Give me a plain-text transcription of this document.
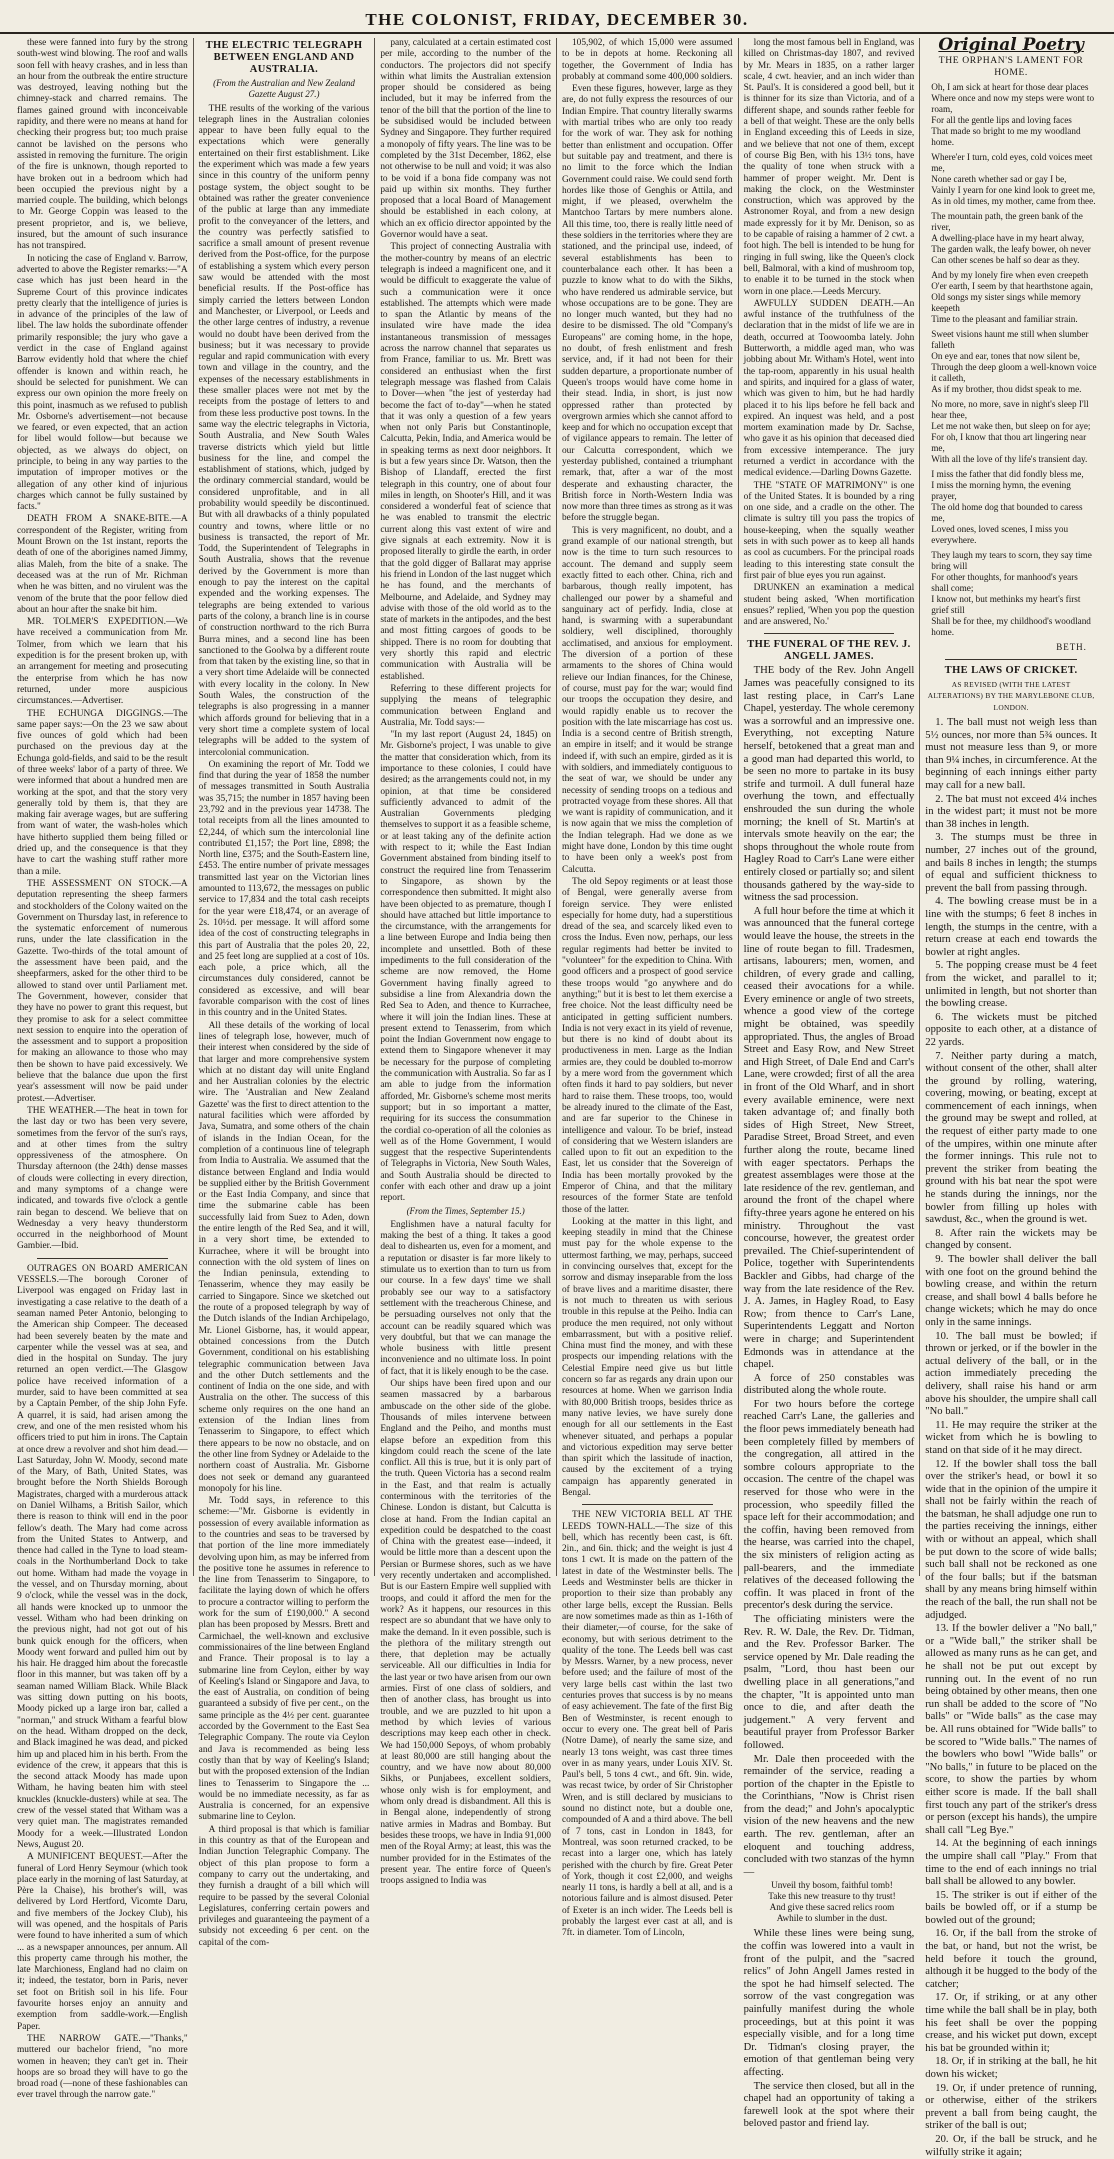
THE COLONIST, FRIDAY, DECEMBER 30.

these were fanned into fury by the strong south-west wind blowing. The roof and walls soon fell with heavy crashes, and in less than an hour from the outbreak the entire structure was destroyed, leaving nothing but the chimney-stack and charred remains. The flames gained ground with inconceivable rapidity, and there were no means at hand for checking their progress but; too much praise cannot be lavished on the persons who assisted in removing the furniture. The origin of the fire is unknown, though reported to have broken out in a bedroom which had been occupied the previous night by a married couple. The building, which belongs to Mr. George Coppin was leased to the present proprietor, and is, we believe, insured, but the amount of such insurance has not transpired.

In noticing the case of England v. Barrow, adverted to above the Register remarks:—"A case which has just been heard in the Supreme Court of this province indicates pretty clearly that the intelligence of juries is in advance of the principles of the law of libel. The law holds the subordinate offender primarily responsible; the jury who gave a verdict in the case of England against Barrow evidently hold that where the chief offender is known and within reach, he should be selected for punishment. We can express our own opinion the more freely on this point, inasmuch as we refused to publish Mr. Osborne's advertisement—not because we feared, or even expected, that an action for libel would follow—but because we objected, as we always do object, on principle, to being in any way parties to the imputation of improper motives or the allegation of any other kind of injurious charges which cannot be fully sustained by facts."

DEATH FROM A SNAKE-BITE.—A correspondent of the Register, writing from Mount Brown on the 1st instant, reports the death of one of the aborigines named Jimmy, alias Maleh, from the bite of a snake. The deceased was at the run of Mr. Richman when he was bitten, and no virulent was the venom of the brute that the poor fellow died about an hour after the snake bit him.

MR. TOLMER'S EXPEDITION.—We have received a communication from Mr. Tolmer, from which we learn that his expedition is for the present broken up, with an arrangement for meeting and prosecuting the enterprise from which he has now returned, under more auspicious circumstances.—Advertiser.

THE ECHUNGA DIGGINGS.—The same paper says:—On the 23 we saw about five ounces of gold which had been purchased on the previous day at the Echunga gold-fields, and said to be the result of three weeks' labor of a party of three. We were informed that about a hundred men are working at the spot, and that the story very generally told by them is, that they are making fair average wages, but are suffering from want of water, the wash-holes which have hitherto supplied them being filled or dried up, and the consequence is that they have to cart the washing stuff rather more than a mile.

THE ASSESSMENT ON STOCK.—A deputation representing the sheep farmers and stockholders of the Colony waited on the Government on Thursday last, in reference to the systematic enforcement of numerous runs, under the late classification in the Gazette. Two-thirds of the total amount of the assessment have been paid, and the sheepfarmers, asked for the other third to be allowed to stand over until Parliament met. The Government, however, consider that they have no power to grant this request, but they promise to ask for a select committee next session to enquire into the operation of the assessment and to support a proposition for making an allowance to those who may then be shown to have paid excessively. We believe that the balance due upon the first year's assessment will now be paid under protest.—Advertiser.

THE WEATHER.—The heat in town for the last day or two has been very severe, sometimes from the fervor of the sun's rays, and at other times from the sultry oppressiveness of the atmosphere. On Thursday afternoon (the 24th) dense masses of clouds were collecting in every direction, and many symptoms of a change were indicated, and towards five o'clock a gentle rain began to descend. We believe that on Wednesday a very heavy thunderstorm occurred in the neighborhood of Mount Gambier.—Ibid.

OUTRAGES ON BOARD AMERICAN VESSELS.—The borough Coroner of Liverpool was engaged on Friday last in investigating a case relative to the death of a seaman named Peter Antonio, belonging to the American ship Compeer. The deceased had been severely beaten by the mate and carpenter while the vessel was at sea, and died in the hospital on Sunday. The jury returned an open verdict.—The Glasgow police have received information of a murder, said to have been committed at sea by a Captain Pember, of the ship John Fyfe. A quarrel, it is said, had arisen among the crew, and one of the men resisted whom his officers tried to put him in irons. The Captain at once drew a revolver and shot him dead.—Last Saturday, John W. Moody, second mate of the Mary, of Bath, United States, was brought before the North Shields Borough Magistrates, charged with a murderous attack on Daniel Wilhams, a British Sailor, which there is reason to think will end in the poor fellow's death. The Mary had come across from the United States to Antwerp, and thence had called in the Tyne to load steam-coals in the Northumberland Dock to take out home. Witham had made the voyage in the vessel, and on Thursday morning, about 9 o'clock, while the vessel was in the dock, all hands were knocked up to unmoor the vessel. Witham who had been drinking on the previous night, had not got out of his bunk quick enough for the officers, when Moody went forward and pulled him out by his hair. He dragged him about the forecastle floor in this manner, but was taken off by a seaman named William Black. While Black was sitting down putting on his boots, Moody picked up a large iron bar, called a "norman," and struck Witham a fearful blow on the head. Witham dropped on the deck, and Black imagined he was dead, and picked him up and placed him in his berth. From the evidence of the crew, it appears that this is the second attack Moody has made upon Witham, he having beaten him with steel knuckles (knuckle-dusters) while at sea. The crew of the vessel stated that Witham was a very quiet man. The magistrates remanded Moody for a week.—Illustrated London News, August 20.

A MUNIFICENT BEQUEST.—After the funeral of Lord Henry Seymour (which took place early in the morning of last Saturday, at Père la Chaise), his brother's will, was delivered by Lord Hertford, Vicomte Daru, and five members of the Jockey Club), his will was opened, and the hospitals of Paris were found to have inherited a sum of which ... as a newspaper announces, per annum. All this property came through his mother, the late Marchioness, England had no claim on it; indeed, the testator, born in Paris, never set foot on British soil in his life. Four favourite horses enjoy an annuity and exemption from saddle-work.—English Paper.

THE NARROW GATE.—"Thanks," muttered our bachelor friend, "no more women in heaven; they can't get in. Their hoops are so broad they will have to go the broad road (—none of these fashionables can ever travel through the narrow gate."

THE ELECTRIC TELEGRAPH BETWEEN ENGLAND AND AUSTRALIA.
(From the Australian and New Zealand Gazette August 27.)

THE results of the working of the various telegraph lines in the Australian colonies appear to have been fully equal to the expectations which were generally entertained on their first establishment. Like the experiment which was made a few years since in this country of the uniform penny postage system, the object sought to be obtained was rather the greater convenience of the public at large than any immediate profit to the conveyancer of the letters, and the country was perfectly satisfied to sacrifice a small amount of present revenue derived from the Post-office, for the purpose of establishing a system which every person saw would be attended with the most beneficial results. If the Post-office has simply carried the letters between London and Manchester, or Liverpool, or Leeds and the other large centres of industry, a revenue would no doubt have been derived from the business; but it was necessary to provide regular and rapid communication with every town and village in the country, and the expenses of the necessary establishments in these smaller places were not met by the receipts from the postage of letters to and from these less productive post towns. In the same way the electric telegraphs in Victoria, South Australia, and New South Wales traverse districts which yield but little business for the line, and compel the establishment of stations, which, judged by the ordinary commercial standard, would be considered unprofitable, and in all probability would speedily be discontinued. But with all drawbacks of a thinly populated country and towns, where little or no business is transacted, the report of Mr. Todd, the Superintendent of Telegraphs in South Australia, shows that the revenue derived by the Government is more than enough to pay the interest on the capital expended and the working expenses. The telegraphs are being extended to various parts of the colony, a branch line is in course of construction northward to the rich Burra Burra mines, and a second line has been sanctioned to the Goolwa by a different route from that taken by the existing line, so that in a very short time Adelaide will be connected with every locality in the colony. In New South Wales, the construction of the telegraphs is also progressing in a manner which affords ground for believing that in a very short time a complete system of local telegraphs will be added to the system of intercolonial communication.

On examining the report of Mr. Todd we find that during the year of 1858 the number of messages transmitted in South Australia was 35,715; the number in 1857 having been 23,792 and in the previous year 14738. The total receipts from all the lines amounted to £2,244, of which sum the intercolonial line contributed £1,157; the Port line, £898; the North line, £375; and the South-Eastern line, £453. The entire number of private messages transmitted last year on the Victorian lines amounted to 113,672, the messages on public service to 17,834 and the total cash receipts for the year were £18,474, or an average of 2s. 10½d. per message. It will afford some idea of the cost of constructing telegraphs in this part of Australia that the poles 20, 22, and 25 feet long are supplied at a cost of 10s. each pole, a price which, all the circumstances duly considered, cannot be considered as excessive, and will bear favorable comparison with the cost of lines in this country and in the United States.

All these details of the working of local lines of telegraph lose, however, much of their interest when considered by the side of that larger and more comprehensive system which at no distant day will unite England and her Australian colonies by the electric wire. The 'Australian and New Zealand Gazette' was the first to direct attention to the natural facilities which were afforded by Java, Sumatra, and some others of the chain of islands in the Indian Ocean, for the completion of a continuous line of telegraph from India to Australia. We assumed that the distance between England and India would be supplied either by the British Government or the East India Company, and since that time the submarine cable has been successfully laid from Suez to Aden, down the entire length of the Red Sea, and it will, in a very short time, be extended to Kurrachee, where it will be brought into connection with the old system of lines on the Indian peninsula, extending to Tenasserim, whence they may easily be carried to Singapore. Since we sketched out the route of a proposed telegraph by way of the Dutch islands of the Indian Archipelago, Mr. Lionel Gisborne, has, it would appear, obtained concessions from the Dutch Government, conditional on his establishing telegraphic communication between Java and the other Dutch settlements and the continent of India on the one side, and with Australia on the other. The success of this scheme only requires on the one hand an extension of the Indian lines from Tenasserim to Singapore, to effect which there appears to be now no obstacle, and on the other line from Sydney or Adelaide to the northern coast of Australia. Mr. Gisborne does not seek or demand any guaranteed monopoly for his line.

Mr. Todd says, in reference to this scheme:—"Mr. Gisborne is evidently in possession of every available information as to the countries and seas to be traversed by that portion of the line more immediately devolving upon him, as may be inferred from the positive tone he assumes in reference to the line from Tenasserim to Singapore, to facilitate the laying down of which he offers to procure a contractor willing to perform the work for the sum of £190,000." A second plan has been proposed by Messrs. Brett and Carmichael, the well-known and exclusive commissionaires of the line between England and France. Their proposal is to lay a submarine line from Ceylon, either by way of Keeling's Island or Singapore and Java, to the east of Australia, on condition of being guaranteed a subsidy of five per cent., on the same principle as the 4½ per cent. guarantee accorded by the Government to the East Sea Telegraphic Company. The route via Ceylon and Java is recommended as being less costly than that by way of Keeling's Island; but with the proposed extension of the Indian lines to Tenasserim to Singapore the ... would be no immediate necessity, as far as Australia is concerned, for an expensive submarine line to Ceylon.

A third proposal is that which is familiar in this country as that of the European and Indian Junction Telegraphic Company. The object of this plan propose to form a company to carry out the undertaking, and they furnish a draught of a bill which will require to be passed by the several Colonial Legislatures, conferring certain powers and privileges and guaranteeing the payment of a subsidy not exceeding 6 per cent. on the capital of the com-

pany, calculated at a certain estimated cost per mile, according to the number of the conductors. The projectors did not specify within what limits the Australian extension proper should be considered as being included, but it may be inferred from the tenor of the bill that the portion of the line to be subsidised would be included between Sydney and Singapore. They further required a monopoly of fifty years. The line was to be completed by the 31st December, 1862, else not otherwise to be null and void; it was also to be void if a bona fide company was not paid up within six months. They further proposed that a local Board of Management should be established in each colony, at which an ex officio director appointed by the Governor would have a seat.

This project of connecting Australia with the mother-country by means of an electric telegraph is indeed a magnificent one, and it would be difficult to exaggerate the value of such a communication were it once established. The attempts which were made to span the Atlantic by means of the insulated wire have made the idea instantaneous transmission of messages across the narrow channel that separates us from France, familiar to us. Mr. Brett was considered an enthusiast when the first telegraph message was flashed from Calais to Dover—when "the jest of yesterday had become the fact of to-day"—when he stated that it was only a question of a few years when not only Paris but Constantinople, Calcutta, Pekin, India, and America would be in speaking terms as next door neighbors. It is but a few years since Dr. Watson, then the Bishop of Llandaff, erected the first telegraph in this country, one of about four miles in length, on Shooter's Hill, and it was considered a wonderful feat of science that he was enabled to transmit the electric current along this vast extent of wire and give signals at each extremity. Now it is proposed literally to girdle the earth, in order that the gold digger of Ballarat may apprise his friend in London of the last nugget which he has found, and the merchants of Melbourne, and Adelaide, and Sydney may advise with those of the old world as to the state of markets in the antipodes, and the best and most fitting cargoes of goods to be shipped. There is no room for doubting that very shortly this rapid and electric communication with Australia will be established.

Referring to these different projects for supplying the means of telegraphic communication between England and Australia, Mr. Todd says:—

"In my last report (August 24, 1845) on Mr. Gisborne's project, I was unable to give the matter that consideration which, from its importance to these colonies, I could have desired; as the arrangements could not, in my opinion, at that time be considered sufficiently advanced to admit of the Australian Governments pledging themselves to support it as a feasible scheme, or at least taking any of the definite action with respect to it; while the East Indian Government abstained from binding itself to construct the required line from Tenasserim to Singapore, as shown by the correspondence then submitted. It might also have been objected to as premature, though I should have attached but little importance to the circumstance, with the arrangements for a line between Europe and India being then incomplete and unsettled. Both of these impediments to the full consideration of the scheme are now removed, the Home Government having finally agreed to subsidise a line from Alexandria down the Red Sea to Aden, and thence to Kurrachee, where it will join the Indian lines. These at present extend to Tenasserim, from which point the Indian Government now engage to extend them to Singapore whenever it may be necessary for the purpose of completing the communication with Australia. So far as I am able to judge from the information afforded, Mr. Gisborne's scheme most merits support; but in so important a matter, requiring for its success the consummation the cordial co-operation of all the colonies as well as of the Home Government, I would suggest that the respective Superintendents of Telegraphs in Victoria, New South Wales, and South Australia should be directed to confer with each other and draw up a joint report.

(From the Times, September 15.)

Englishmen have a natural faculty for making the best of a thing. It takes a good deal to dishearten us, even for a moment, and a reputation or disaster is far more likely to stimulate us to exertion than to turn us from our course. In a few days' time we shall probably see our way to a satisfactory settlement with the treacherous Chinese, and be persuading ourselves not only that the account can be readily squared which was very doubtful, but that we can manage the whole business with little present inconvenience and no ultimate loss. In point of fact, that it is likely enough to be the case.

Our ships have been fired upon and our seamen massacred by a barbarous ambuscade on the other side of the globe. Thousands of miles intervene between England and the Peiho, and months must elapse before an expedition from this kingdom could reach the scene of the late conflict. All this is true, but it is only part of the truth. Queen Victoria has a second realm in the East, and that realm is actually conterminous with the territories of the Chinese. London is distant, but Calcutta is close at hand. From the Indian capital an expedition could be despatched to the coast of China with the greatest ease—indeed, it would be little more than a descent upon the Persian or Burmese shores, such as we have very recently undertaken and accomplished. But is our Eastern Empire well supplied with troops, and could it afford the men for the work? As it happens, our resources in this respect are so abundant that we have only to make the demand. In it even possible, such is the plethora of the military strength out there, that depletion may be actually serviceable. All our difficulties in India for the last year or two have arisen from our own armies. First of one class of soldiers, and then of another class, has brought us into trouble, and we are puzzled to hit upon a method by which levies of various descriptions may keep each other in check. We had 150,000 Sepoys, of whom probably at least 80,000 are still hanging about the country, and we have now about 80,000 Sikhs, or Punjabees, excellent soldiers, whose only wish is for employment, and whom only dread is disbandment. All this is in Bengal alone, independently of strong native armies in Madras and Bombay. But besides these troops, we have in India 91,000 men of the Royal Army; at least, this was the number provided for in the Estimates of the present year. The entire force of Queen's troops assigned to India was

105,902, of which 15,000 were assumed to be in depots at home. Reckoning all together, the Government of India has probably at command some 400,000 soldiers.

Even these figures, however, large as they are, do not fully express the resources of our Indian Empire. That country literally swarms with martial tribes who are only too ready for the work of war. They ask for nothing better than enlistment and occupation. Offer but suitable pay and treatment, and there is no limit to the force which the Indian Government could raise. We could send forth hordes like those of Genghis or Attila, and might, if we pleased, overwhelm the Mantchoo Tartars by mere numbers alone. All this time, too, there is really little need of these soldiers in the territories where they are stationed, and the principal use, indeed, of several establishments has been to counterbalance each other. It has been a puzzle to know what to do with the Sikhs, who have rendered us admirable service, but whose occupations are to be gone. They are no longer much wanted, but they had no desire to be dismissed. The old "Company's Europeans" are coming home, in the hope, no doubt, of fresh enlistment and fresh service, and, if it had not been for their sudden departure, a proportionate number of Queen's troops would have come home in their stead. India, in short, is just now oppressed rather than protected by overgrown armies which she cannot afford to keep and for which no occupation except that of vigilance appears to remain. The letter of our Calcutta correspondent, which we yesterday published, contained a triumphant remark, that, after a war of the most desperate and exhausting character, the British force in North-Western India was now more than three times as strong as it was before the struggle began.

This is very magnificent, no doubt, and a grand example of our national strength, but now is the time to turn such resources to account. The demand and supply seem exactly fitted to each other. China, rich and barbarous, though really impotent, has challenged our power by a shameful and sanguinary act of perfidy. India, close at hand, is swarming with a superabundant soldiery, well disciplined, thoroughly acclimatised, and anxious for employment. The diversion of a portion of these armaments to the shores of China would relieve our Indian finances, for the Chinese, of course, must pay for the war; would find our troops the occupation they desire, and would rapidly enable us to recover the position with the late miscarriage has cost us. India is a second centre of British strength, an empire in itself; and it would be strange indeed if, with such an empire, girded as it is with soldiers, and immediately contiguous to the seat of war, we should be under any necessity of sending troops on a tedious and protracted voyage from these shores. All that we want is rapidity of communication, and it is now again that we miss the completion of the Indian telegraph. Had we done as we might have done, London by this time ought to have been only a week's post from Calcutta.

The old Sepoy regiments or at least those of Bengal, were generally averse from foreign service. They were enlisted especially for home duty, had a superstitious dread of the sea, and scarcely liked even to cross the Indus. Even now, perhaps, our less regular regiments had better be invited to "volunteer" for the expedition to China. With good officers and a prospect of good service these troops would "go anywhere and do anything;" but it is best to let them exercise a free choice. Not the least difficulty need be anticipated in getting sufficient numbers. India is not very exact in its yield of revenue, but there is no kind of doubt about its productiveness in men. Large as the Indian armies are, they could be doubled to-morrow by a mere word from the government which often finds it hard to pay soldiers, but never hard to raise them. These troops, too, would be already inured to the climate of the East, and are far superior to the Chinese in intelligence and valour. To be brief, instead of considering that we Western islanders are called upon to fit out an expedition to the East, let us consider that the Sovereign of India has been mortally provoked by the Emperor of China, and that the military resources of the former State are tenfold those of the latter.

Looking at the matter in this light, and keeping steadily in mind that the Chinese must pay for the whole expense to the uttermost farthing, we may, perhaps, succeed in convincing ourselves that, except for the sorrow and dismay inseparable from the loss of brave lives and a maritime disaster, there is not much to threaten us with serious trouble in this repulse at the Peiho. India can produce the men required, not only without embarrassment, but with a positive relief. China must find the money, and with these prospects our impending relations with the Celestial Empire need give us but little concern so far as regards any drain upon our resources at home. When we garrison India with 80,000 British troops, besides thrice as many native levies, we have surely done enough for all our settlements in the East whenever situated, and perhaps a popular and victorious expedition may serve better than spirit which the lassitude of inaction, caused by the excitement of a trying campaign has apparently generated in Bengal.

THE NEW VICTORIA BELL AT THE LEEDS TOWN-HALL.—The size of this bell, which has recently been cast, is 6ft. 2in., and 6in. thick; and the weight is just 4 tons 1 cwt. It is made on the pattern of the latest in date of the Westminster bells. The Leeds and Westminster bells are thicker in proportion to their size than probably any other large bells, except the Russian. Bells are now sometimes made as thin as 1-16th of their diameter,—of course, for the sake of economy, but with serious detriment to the quality of the tone. The Leeds bell was cast by Messrs. Warner, by a new process, never before used; and the failure of most of the very large bells cast within the last two centuries proves that success is by no means of easy achievement. The fate of the first Big Ben of Westminster, is recent enough to occur to every one. The great bell of Paris (Notre Dame), of nearly the same size, and nearly 13 tons weight, was cast three times over in as many years, under Louis XIV. St. Paul's bell, 5 tons 4 cwt., and 6ft. 9in. wide, was recast twice, by order of Sir Christopher Wren, and is still declared by musicians to sound no distinct note, but a double one, compounded of A and a third above. The bell of 7 tons, cast in London in 1843, for Montreal, was soon returned cracked, to be recast into a larger one, which has lately perished with the church by fire. Great Peter of York, though it cost £2,000, and weighs nearly 11 tons, is hardly a bell at all, and is a notorious failure and is almost disused. Peter of Exeter is an inch wider. The Leeds bell is probably the largest ever cast at all, and is 7ft. in diameter. Tom of Lincoln,

long the most famous bell in England, was killed on Christmas-day 1807, and revived by Mr. Mears in 1835, on a rather larger scale, 4 cwt. heavier, and an inch wider than St. Paul's. It is considered a good bell, but it is thinner for its size than Victoria, and of a different shape, and sounds rather feeble for a bell of that weight. These are the only bells in England exceeding this of Leeds in size, and we believe that not one of them, except of course Big Ben, with his 13½ tons, have the quality of tone when struck with a hammer of proper weight. Mr. Dent is making the clock, on the Westminster construction, which was approved by the Astronomer Royal, and from a new design made expressly for it by Mr. Denison, so as to be capable of raising a hammer of 2 cwt. a foot high. The bell is intended to be hung for ringing in full swing, like the Queen's clock bell, Balmoral, with a kind of mushroom top, to enable it to be turned in the stock when worn in one place.—Leeds Mercury.

AWFULLY SUDDEN DEATH.—An awful instance of the truthfulness of the declaration that in the midst of life we are in death, occurred at Toowoomba lately. John Butterworth, a middle aged man, who was jobbing about Mr. Witham's Hotel, went into the tap-room, apparently in his usual health and spirits, and inquired for a glass of water, which was given to him, but he had hardly placed it to his lips before he fell back and expired. An inquest was held, and a post mortem examination made by Dr. Sachse, who gave it as his opinion that deceased died from excessive intemperance. The jury returned a verdict in accordance with the medical evidence.—Darling Downs Gazette.

THE "STATE OF MATRIMONY" is one of the United States. It is bounded by a ring on one side, and a cradle on the other. The climate is sultry till you pass the tropics of house-keeping, when the squally weather sets in with such power as to keep all hands as cool as cucumbers. For the principal roads leading to this interesting state consult the first pair of blue eyes you run against.

DRUNKEN an examination a medical student being asked, 'When mortification ensues?' replied, 'When you pop the question and are answered, No.'

THE FUNERAL OF THE REV. J. ANGELL JAMES.

THE body of the Rev. John Angell James was peacefully consigned to its last resting place, in Carr's Lane Chapel, yesterday. The whole ceremony was a sorrowful and an impressive one. Everything, not excepting Nature herself, betokened that a great man and a good man had departed this world, to be seen no more to partake in its busy strife and turmoil. A dull funeral haze overhung the town, and effectually enshrouded the sun during the whole morning; the knell of St. Martin's at intervals smote heavily on the ear; the shops throughout the whole route from Hagley Road to Carr's Lane were either entirely closed or partially so; and silent thousands gathered by the way-side to witness the sad procession.

A full hour before the time at which it was announced that the funeral cortege would leave the house, the streets in the line of route began to fill. Tradesmen, artisans, labourers; men, women, and children, of every grade and calling, ceased their avocations for a while. Every eminence or angle of two streets, whence a good view of the cortege might be obtained, was speedily appropriated. Thus, the angles of Broad Street and Easy Row, and New Street and High Street, of Dale End and Carr's Lane, were crowded; first of all the area in front of the Old Wharf, and in short every available eminence, were next taken advantage of; and finally both sides of High Street, New Street, Paradise Street, Broad Street, and even further along the route, became lined with eager spectators. Perhaps the greatest assemblages were those at the late residence of the rev. gentleman, and around the front of the chapel where fifty-three years agone he entered on his ministry. Throughout the vast concourse, however, the greatest order prevailed. The Chief-superintendent of Police, together with Superintendents Backler and Gibbs, had charge of the way from the late residence of the Rev. J. A. James, in Hagley Road, to Easy Row; from thence to Carr's Lane, Superintendents Leggatt and Norton were in charge; and Superintendent Edmonds was in attendance at the chapel.

A force of 250 constables was distributed along the whole route.

For two hours before the cortege reached Carr's Lane, the galleries and the floor pews immediately beneath had been completely filled by members of the congregation, all attired in the sombre colours appropriate to the occasion. The centre of the chapel was reserved for those who were in the procession, who speedily filled the space left for their accommodation; and the coffin, having been removed from the hearse, was carried into the chapel, the six ministers of religion acting as pall-bearers, and the immediate relatives of the deceased following the coffin. It was placed in front of the precentor's desk during the service.

The officiating ministers were the Rev. R. W. Dale, the Rev. Dr. Tidman, and the Rev. Professor Barker. The service opened by Mr. Dale reading the psalm, "Lord, thou hast been our dwelling place in all generations,"and the chapter, "It is appointed unto man once to die, and after death the judgement." A very fervent and beautiful prayer from Professor Barker followed.

Mr. Dale then proceeded with the remainder of the service, reading a portion of the chapter in the Epistle to the Corinthians, "Now is Christ risen from the dead;" and John's apocalyptic vision of the new heavens and the new earth. The rev. gentleman, after an eloquent and touching address, concluded with two stanzas of the hymn—

Unveil thy bosom, faithful tomb!
Take this new treasure to thy trust!
And give these sacred relics room
Awhile to slumber in the dust.

While these lines were being sung, the coffin was lowered into a vault in front of the pulpit, and the "sacred relics" of John Angell James rested in the spot he had himself selected. The sorrow of the vast congregation was painfully manifest during the whole proceedings, but at this point it was especially visible, and for a long time Dr. Tidman's closing prayer, the emotion of that gentleman being very affecting.

The service then closed, but all in the chapel had an opportunity of taking a farewell look at the spot where their beloved pastor and friend lay.

Original Poetry
THE ORPHAN'S LAMENT FOR HOME.

Oh, I am sick at heart for those dear places
Where once and now my steps were wont to roam,
For all the gentle lips and loving faces
That made so bright to me my woodland home.

Where'er I turn, cold eyes, cold voices meet me,
None careth whether sad or gay I be,
Vainly I yearn for one kind look to greet me,
As in old times, my mother, came from thee.

The mountain path, the green bank of the river,
A dwelling-place have in my heart alway,
The garden walk, the leafy bower, oh never
Can other scenes be half so dear as they.

And by my lonely fire when even creepeth
O'er earth, I seem by that hearthstone again,
Old songs my sister sings while memory keepeth
Time to the pleasant and familiar strain.

Sweet visions haunt me still when slumber falleth
On eye and ear, tones that now silent be,
Through the deep gloom a well-known voice it calleth,
As if my brother, thou didst speak to me.

No more, no more, save in night's sleep I'll hear thee,
Let me not wake then, but sleep on for aye;
For oh, I know that thou art lingering near me,
With all the love of thy life's transient day.

I miss the father that did fondly bless me,
I miss the morning hymn, the evening prayer,
The old home dog that bounded to caress me,
Loved ones, loved scenes, I miss you everywhere.

They laugh my tears to scorn, they say time bring will
For other thoughts, for manhood's years shall come;
I know not, but methinks my heart's first grief still
Shall be for thee, my childhood's woodland home.

BETH.
THE LAWS OF CRICKET.
AS REVISED (WITH THE LATEST ALTERATIONS) BY THE MARYLEBONE CLUB, LONDON.

1. The ball must not weigh less than 5½ ounces, nor more than 5¾ ounces. It must not measure less than 9, or more than 9¼ inches, in circumference. At the beginning of each innings either party may call for a new ball.

2. The bat must not exceed 4¼ inches in the widest part; it must not be more than 38 inches in length.

3. The stumps must be three in number, 27 inches out of the ground, and bails 8 inches in length; the stumps of equal and sufficient thickness to prevent the ball from passing through.

4. The bowling crease must be in a line with the stumps; 6 feet 8 inches in length, the stumps in the centre, with a return crease at each end towards the bowler at right angles.

5. The popping crease must be 4 feet from the wicket, and parallel to it; unlimited in length, but not shorter than the bowling crease.

6. The wickets must be pitched opposite to each other, at a distance of 22 yards.

7. Neither party during a match, without consent of the other, shall alter the ground by rolling, watering, covering, mowing, or beating, except at commencement of each innings, when the ground may be swept and rolled, at the request of either party made to one of the umpires, within one minute after the former innings. This rule not to prevent the striker from beating the ground with his bat near the spot were he stands during the innings, nor the bowler from filling up holes with sawdust, &c., when the ground is wet.

8. After rain the wickets may be changed by consent.

9. The bowler shall deliver the ball with one foot on the ground behind the bowling crease, and within the return crease, and shall bowl 4 balls before he change wickets; which he may do once only in the same innings.

10. The ball must be bowled; if thrown or jerked, or if the bowler in the actual delivery of the ball, or in the action immediately preceding the delivery, shall raise his hand or arm above his shoulder, the umpire shall call "No ball."

11. He may require the striker at the wicket from which he is bowling to stand on that side of it he may direct.

12. If the bowler shall toss the ball over the striker's head, or bowl it so wide that in the opinion of the umpire it shall not be fairly within the reach of the batsman, he shall adjudge one run to the parties receiving the innings, either with or without an appeal, which shall be put down to the score of wide balls; such ball shall not be reckoned as one of the four balls; but if the batsman shall by any means bring himself within the reach of the ball, the run shall not be adjudged.

13. If the bowler deliver a "No ball," or a "Wide ball," the striker shall be allowed as many runs as he can get, and he shall not be put out except by running out. In the event of no run being obtained by other means, then one run shall be added to the score of "No balls" or "Wide balls" as the case may be. All runs obtained for "Wide balls" to be scored to "Wide balls." The names of the bowlers who bowl "Wide balls" or "No balls," in future to be placed on the score, to show the parties by whom either score is made. If the ball shall first touch any part of the striker's dress or person (except his hands), the umpire shall call "Leg Bye."

14. At the beginning of each innings the umpire shall call "Play." From that time to the end of each innings no trial ball shall be allowed to any bowler.

15. The striker is out if either of the bails be bowled off, or if a stump be bowled out of the ground;

16. Or, if the ball from the stroke of the bat, or hand, but not the wrist, be held before it touch the ground, although it be hugged to the body of the catcher;

17. Or, if striking, or at any other time while the ball shall be in play, both his feet shall be over the popping crease, and his wicket put down, except his bat be grounded within it;

18. Or, if in striking at the ball, he hit down his wicket;

19. Or, if under pretence of running, or otherwise, either of the strikers prevent a ball from being caught, the striker of the ball is out;

20. Or, if the ball be struck, and he wilfully strike it again;
